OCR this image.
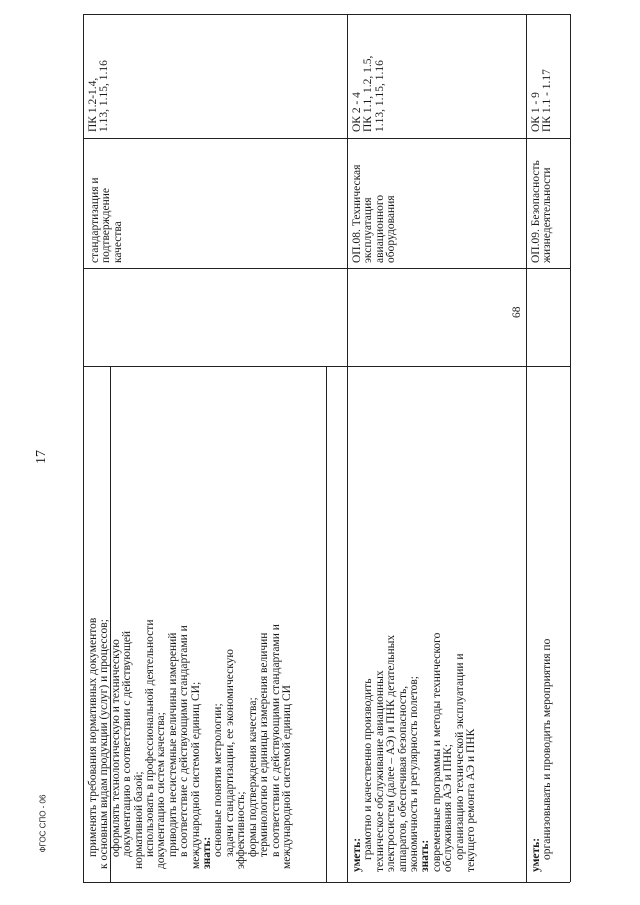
17
ФГОС СПО - 06	применять требования нормативных документов к основным видам продукции (услуг) и процессов; оформлять технологическую и техническую документацию в соответствии с действующей нормативной базой; использовать в профессиональной деятельности документацию систем качества; приводить несистемные величины измерений в соответствие с действующими стандартами и международной системой единиц СИ; знать: основные понятия метрологии; задачи стандартизации, ее экономическую эффективность; формы подтверждения качества; терминологию и единицы измерения величин в соответствии с действующими стандартами и международной системой единиц СИ
стандартизация и подтверждение качества
ПК 1.2-1.4, 1.13, 1.15, 1.16
уметь: грамотно и качественно производить техническое обслуживание авиационных электросистем (далее – АЭ) и ПНК детательных аппаратов, обеспечивая безопасность, экономичность и регулярность полетов; знать: современные программы и методы технического обслуживания АЭ и ПНК; организацию технической эксплуатации и текущего ремонта АЭ и ПНК
68
ОП.08. Техническая эксплуатация авиационного оборудования
ОК 2 - 4 ПК 1.1, 1.2, 1.5, 1.13, 1.15, 1.16
уметь: организовывать и проводить мероприятия по
ОП.09. Безопасность жизнедеятельности
ОК 1 - 9 ПК 1.1 - 1.17
